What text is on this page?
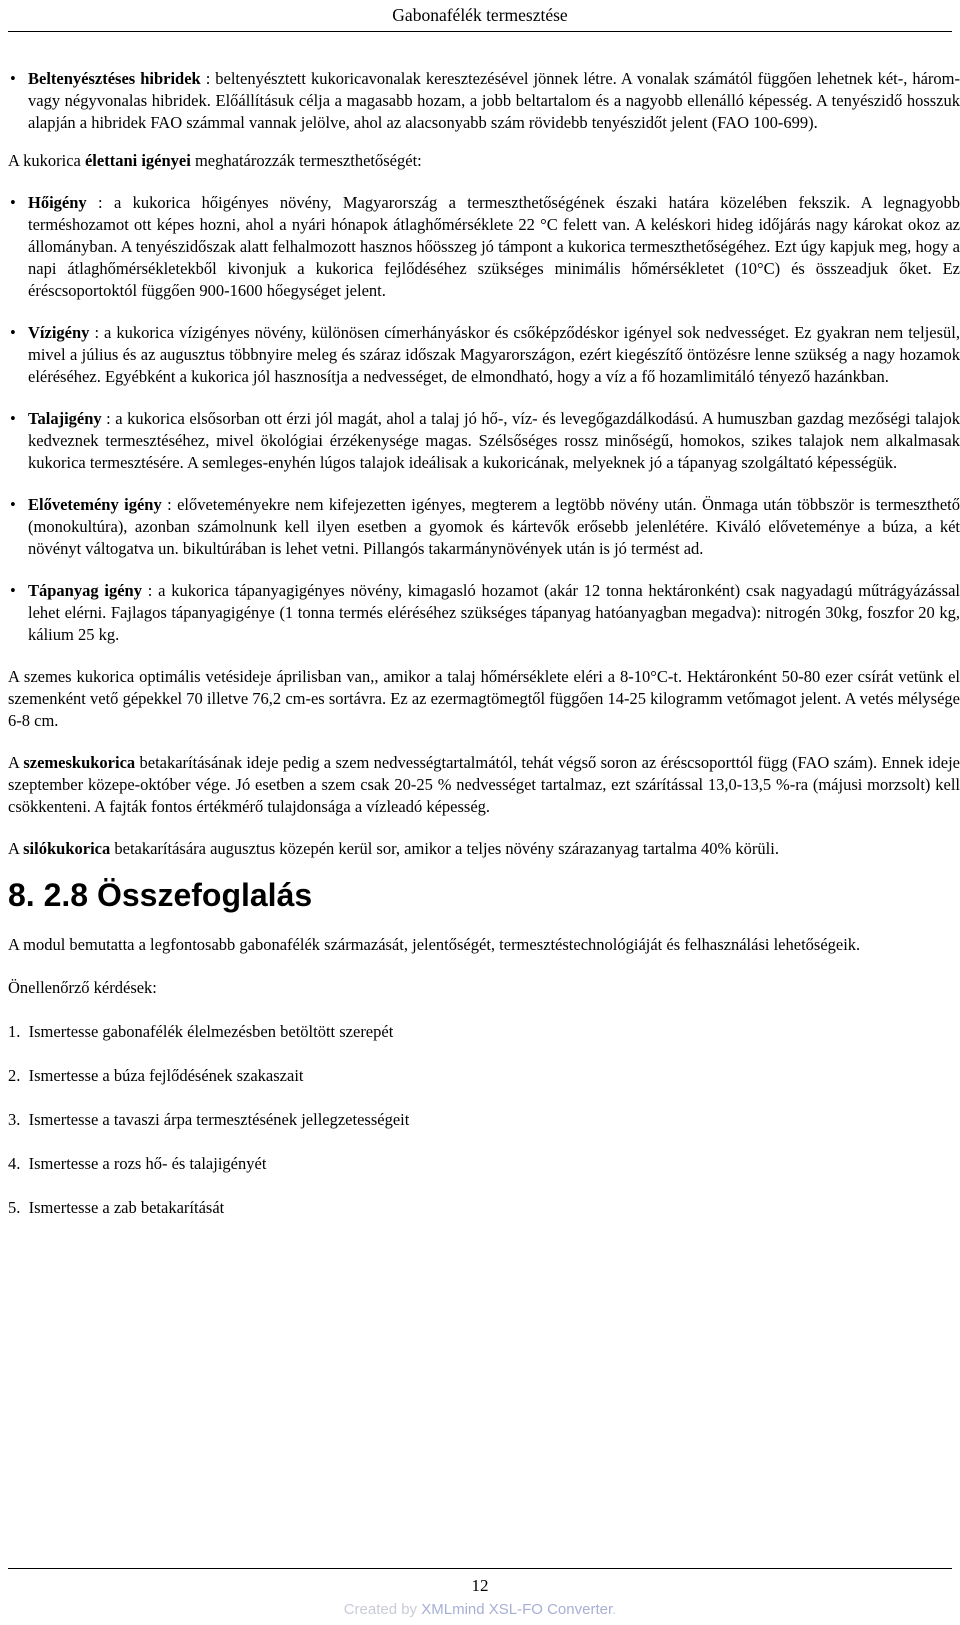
Gabonafélék termesztése

• Beltenyésztéses hibridek : beltenyésztett kukoricavonalak keresztezésével jönnek létre. A vonalak számától függően lehetnek két-, három- vagy négyvonalas hibridek. Előállításuk célja a magasabb hozam, a jobb beltartalom és a nagyobb ellenálló képesség. A tenyészidő hosszuk alapján a hibridek FAO számmal vannak jelölve, ahol az alacsonyabb szám rövidebb tenyészidőt jelent (FAO 100-699).

A kukorica élettani igényei meghatározzák termeszthetőségét:

• Hőigény : a kukorica hőigényes növény, Magyarország a termeszthetőségének északi határa közelében fekszik. A legnagyobb terméshozamot ott képes hozni, ahol a nyári hónapok átlaghőmérséklete 22 °C felett van. A keléskori hideg időjárás nagy károkat okoz az állományban. A tenyészidőszak alatt felhalmozott hasznos hőösszeg jó támpont a kukorica termeszthetőségéhez. Ezt úgy kapjuk meg, hogy a napi átlaghőmérsékletekből kivonjuk a kukorica fejlődéséhez szükséges minimális hőmérsékletet (10°C) és összeadjuk őket. Ez éréscsoportoktól függően 900-1600 hőegységet jelent.

• Vízigény : a kukorica vízigényes növény, különösen címerhányáskor és csőképződéskor igényel sok nedvességet. Ez gyakran nem teljesül, mivel a július és az augusztus többnyire meleg és száraz időszak Magyarországon, ezért kiegészítő öntözésre lenne szükség a nagy hozamok eléréséhez. Egyébként a kukorica jól hasznosítja a nedvességet, de elmondható, hogy a víz a fő hozamlimitáló tényező hazánkban.

• Talajigény : a kukorica elsősorban ott érzi jól magát, ahol a talaj jó hő-, víz- és levegőgazdálkodású. A humuszban gazdag mezőségi talajok kedveznek termesztéséhez, mivel ökológiai érzékenysége magas. Szélsőséges rossz minőségű, homokos, szikes talajok nem alkalmasak kukorica termesztésére. A semleges-enyhén lúgos talajok ideálisak a kukoricának, melyeknek jó a tápanyag szolgáltató képességük.

• Elővetemény igény : előveteményekre nem kifejezetten igényes, megterem a legtöbb növény után. Önmaga után többször is termeszthető (monokultúra), azonban számolnunk kell ilyen esetben a gyomok és kártevők erősebb jelenlétére. Kiváló előveteménye a búza, a két növényt váltogatva un. bikultúrában is lehet vetni. Pillangós takarmánynövények után is jó termést ad.

• Tápanyag igény : a kukorica tápanyagigényes növény, kimagasló hozamot (akár 12 tonna hektáronként) csak nagyadagú műtrágyázással lehet elérni. Fajlagos tápanyagigénye (1 tonna termés eléréséhez szükséges tápanyag hatóanyagban megadva): nitrogén 30kg, foszfor 20 kg, kálium 25 kg.

A szemes kukorica optimális vetésideje áprilisban van,, amikor a talaj hőmérséklete eléri a 8-10°C-t. Hektáronként 50-80 ezer csírát vetünk el szemenként vető gépekkel 70 illetve 76,2 cm-es sortávra. Ez az ezermagtömegtől függően 14-25 kilogramm vetőmagot jelent. A vetés mélysége 6-8 cm.

A szemeskukorica betakarításának ideje pedig a szem nedvességtartalmától, tehát végső soron az éréscsoporttól függ (FAO szám). Ennek ideje szeptember közepe-október vége. Jó esetben a szem csak 20-25 % nedvességet tartalmaz, ezt szárítással 13,0-13,5 %-ra (májusi morzsolt) kell csökkenteni. A fajták fontos értékmérő tulajdonsága a vízleadó képesség.

A silókukorica betakarítására augusztus közepén kerül sor, amikor a teljes növény szárazanyag tartalma 40% körüli.

8. 2.8 Összefoglalás

A modul bemutatta a legfontosabb gabonafélék származását, jelentőségét, termesztéstechnológiáját és felhasználási lehetőségeik.

Önellenőrző kérdések:

1.  Ismertesse gabonafélék élelmezésben betöltött szerepét

2.  Ismertesse a búza fejlődésének szakaszait

3.  Ismertesse a tavaszi árpa termesztésének jellegzetességeit

4.  Ismertesse a rozs hő- és talajigényét

5.  Ismertesse a zab betakarítását

12
Created by XMLmind XSL-FO Converter.
